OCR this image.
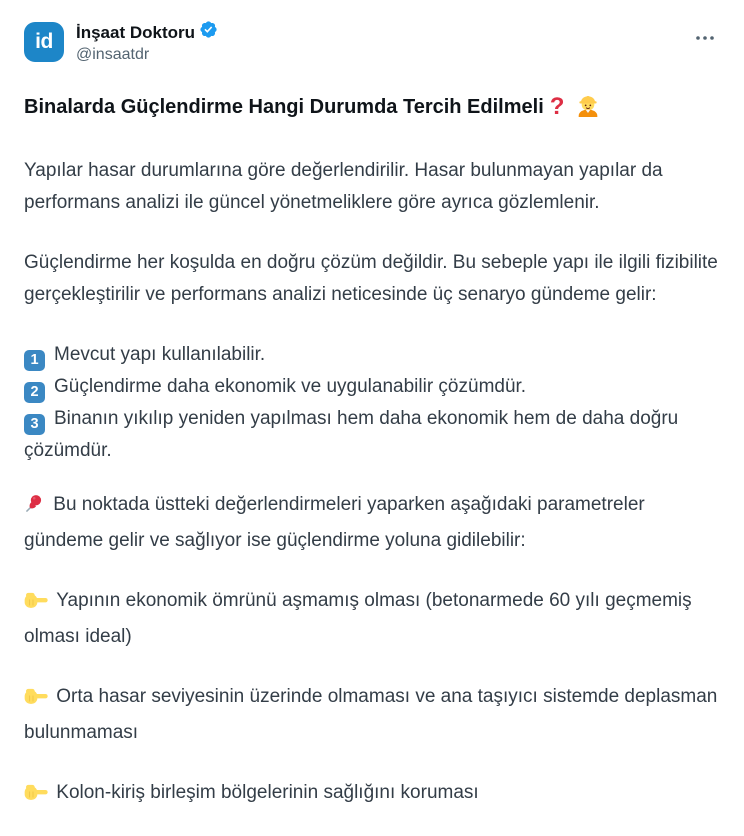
id İnşaat Doktoru
@insaatdr
Binalarda Güçlendirme Hangi Durumda Tercih Edilmeli ?

Yapılar hasar durumlarına göre değerlendirilir. Hasar bulunmayan yapılar da performans analizi ile güncel yönetmeliklere göre ayrıca gözlemlenir.

Güçlendirme her koşulda en doğru çözüm değildir. Bu sebeple yapı ile ilgili fizibilite gerçekleştirilir ve performans analizi neticesinde üç senaryo gündeme gelir:

1 Mevcut yapı kullanılabilir.
2 Güçlendirme daha ekonomik ve uygulanabilir çözümdür.
3 Binanın yıkılıp yeniden yapılması hem daha ekonomik hem de daha doğru çözümdür.

Bu noktada üstteki değerlendirmeleri yaparken aşağıdaki parametreler gündeme gelir ve sağlıyor ise güçlendirme yoluna gidilebilir:

Yapının ekonomik ömrünü aşmamış olması (betonarmede 60 yılı geçmemiş olması ideal)

Orta hasar seviyesinin üzerinde olmaması ve ana taşıyıcı sistemde deplasman bulunmaması

Kolon-kiriş birleşim bölgelerinin sağlığını koruması
